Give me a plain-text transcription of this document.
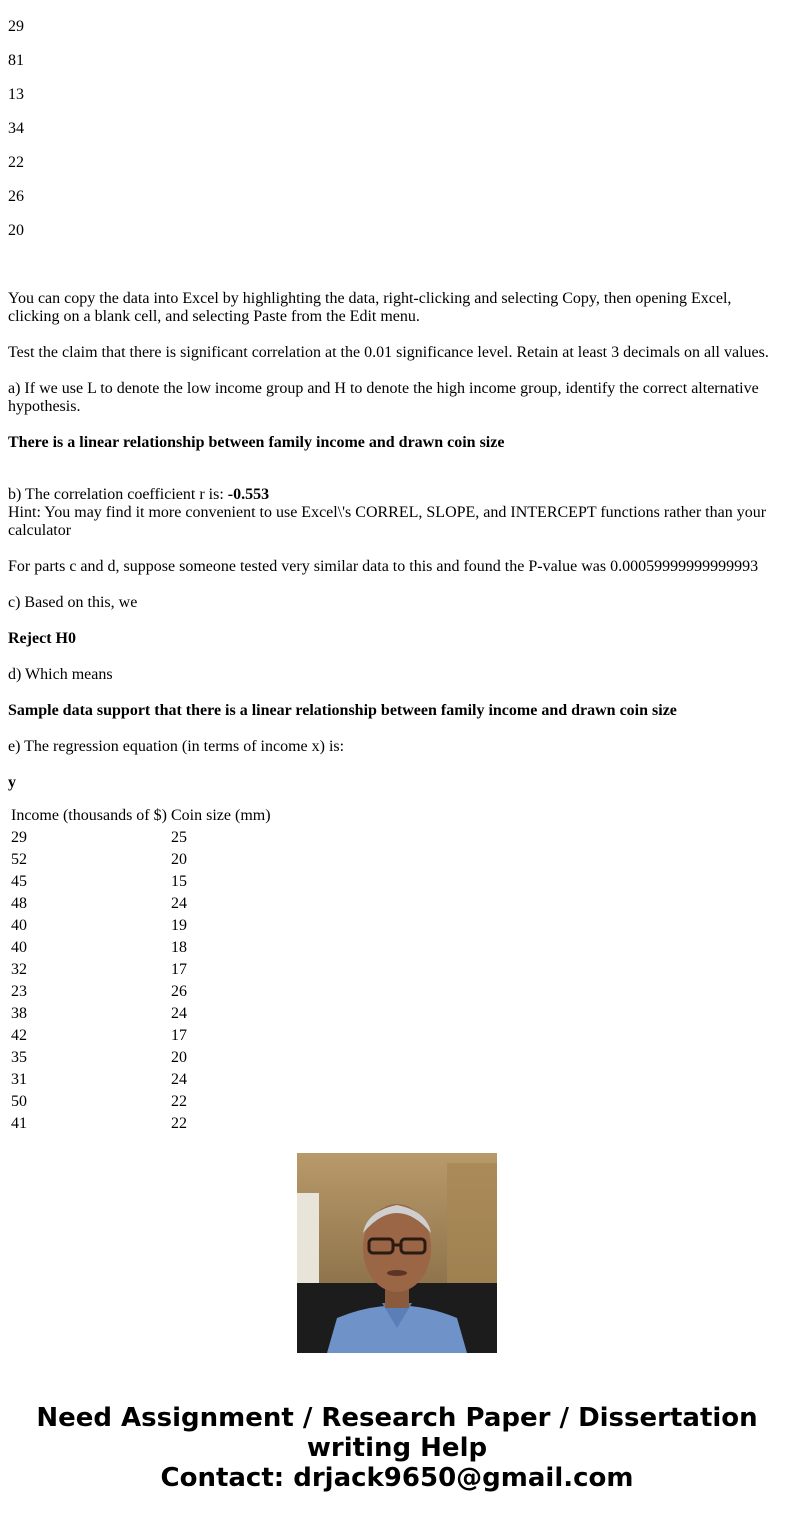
29
81
13
34
22
26
20

You can copy the data into Excel by highlighting the data, right-clicking and selecting Copy, then opening Excel, clicking on a blank cell, and selecting Paste from the Edit menu.

Test the claim that there is significant correlation at the 0.01 significance level. Retain at least 3 decimals on all values.

a) If we use L to denote the low income group and H to denote the high income group, identify the correct alternative hypothesis.

There is a linear relationship between family income and drawn coin size

b) The correlation coefficient r is: -0.553

Hint: You may find it more convenient to use Excel\'s CORREL, SLOPE, and INTERCEPT functions rather than your calculator

For parts c and d, suppose someone tested very similar data to this and found the P-value was 0.00059999999999993

c) Based on this, we

Reject H0

d) Which means

Sample data support that there is a linear relationship between family income and drawn coin size

e) The regression equation (in terms of income x) is:

y

Income (thousands of $)	Coin size (mm)
29	25
52	20
45	15
48	24
40	19
40	18
32	17
23	26
38	24
42	17
35	20
31	24
50	22
41	22
Need Assignment / Research Paper / Dissertation
writing Help
Contact: drjack9650@gmail.com
